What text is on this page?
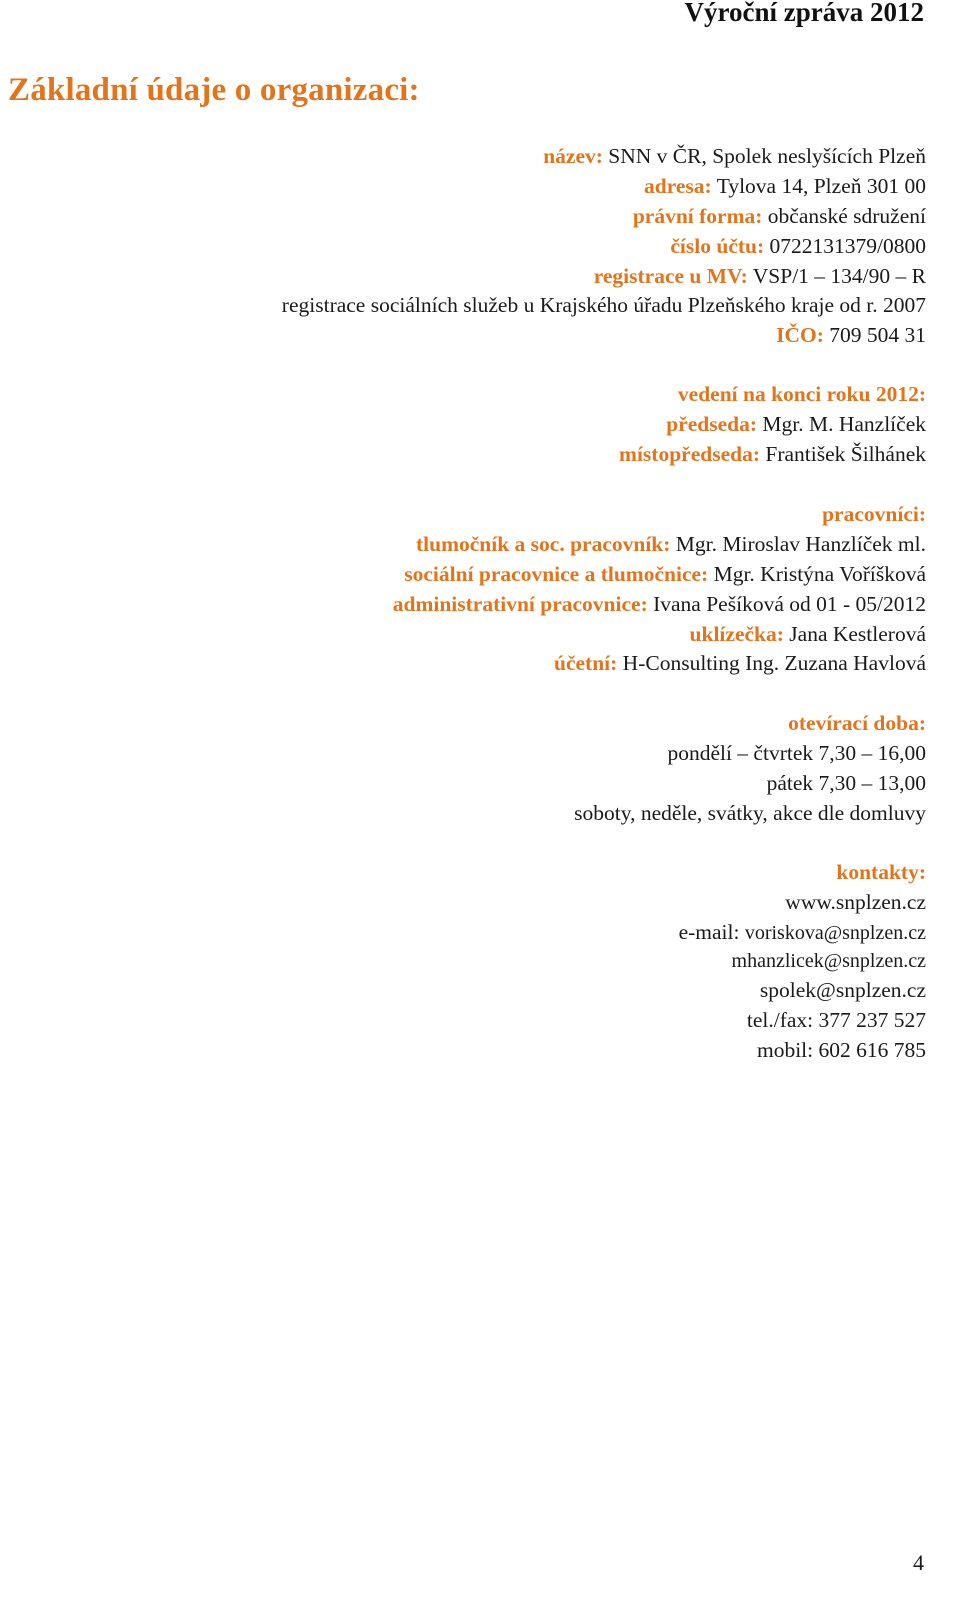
Výroční zpráva 2012
Základní údaje o organizaci:
název: SNN v ČR, Spolek neslyšících Plzeň
adresa: Tylova 14, Plzeň 301 00
právní forma: občanské sdružení
číslo účtu: 0722131379/0800
registrace u MV: VSP/1 – 134/90 – R
registrace sociálních služeb u Krajského úřadu Plzeňského kraje od r. 2007
IČO: 709 504 31
vedení na konci roku 2012:
předseda: Mgr. M. Hanzlíček
místopředseda: František Šilhánek
pracovníci:
tlumočník a soc. pracovník: Mgr. Miroslav Hanzlíček ml.
sociální pracovnice a tlumočnice: Mgr. Kristýna Voříšková
administrativní pracovnice: Ivana Pešíková od 01 - 05/2012
uklízečka: Jana Kestlerová
účetní: H-Consulting Ing. Zuzana Havlová
otevírací doba:
pondělí – čtvrtek 7,30 – 16,00
pátek 7,30 – 13,00
soboty, neděle, svátky, akce dle domluvy
kontakty:
www.snplzen.cz
e-mail: voriskova@snplzen.cz
mhanzlicek@snplzen.cz
spolek@snplzen.cz
tel./fax: 377 237 527
mobil: 602 616 785
4
